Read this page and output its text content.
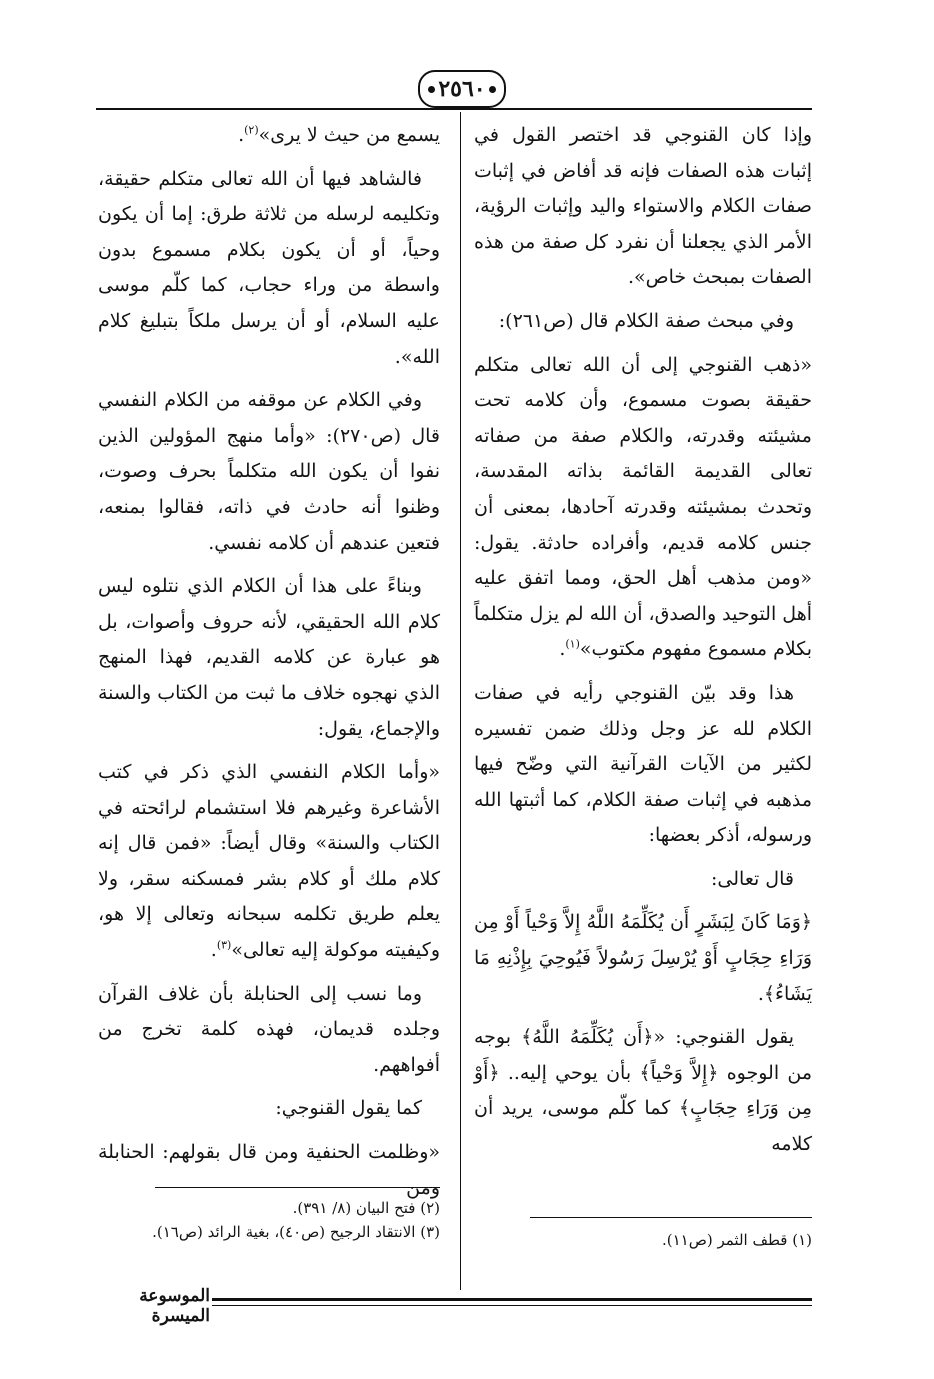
٢٥٦٠

وإذا كان القنوجي قد اختصر القول في إثبات هذه الصفات فإنه قد أفاض في إثبات صفات الكلام والاستواء واليد وإثبات الرؤية، الأمر الذي يجعلنا أن نفرد كل صفة من هذه الصفات بمبحث خاص».

وفي مبحث صفة الكلام قال (ص٢٦١):

«ذهب القنوجي إلى أن الله تعالى متكلم حقيقة بصوت مسموع، وأن كلامه تحت مشيئته وقدرته، والكلام صفة من صفاته تعالى القديمة القائمة بذاته المقدسة، وتحدث بمشيئته وقدرته آحادها، بمعنى أن جنس كلامه قديم، وأفراده حادثة. يقول: «ومن مذهب أهل الحق، ومما اتفق عليه أهل التوحيد والصدق، أن الله لم يزل متكلماً بكلام مسموع مفهوم مكتوب»$^{(١)}$.

هذا وقد بيّن القنوجي رأيه في صفات الكلام لله عز وجل وذلك ضمن تفسيره لكثير من الآيات القرآنية التي وضّح فيها مذهبه في إثبات صفة الكلام، كما أثبتها الله ورسوله، أذكر بعضها:

قال تعالى:

﴿وَمَا كَانَ لِبَشَرٍ أَن يُكَلِّمَهُ اللَّهُ إِلاَّ وَحْياً أَوْ مِن وَرَاءِ حِجَابٍ أَوْ يُرْسِلَ رَسُولاً فَيُوحِيَ بِإِذْنِهِ مَا يَشَاءُ﴾.

يقول القنوجي: «﴿أَن يُكَلِّمَهُ اللَّهُ﴾ بوجه من الوجوه ﴿إِلاَّ وَحْياً﴾ بأن يوحي إليه.. ﴿أَوْ مِن وَرَاءِ حِجَابٍ﴾ كما كلّم موسى، يريد أن كلامه

يسمع من حيث لا يرى»$^{(٢)}$.

فالشاهد فيها أن الله تعالى متكلم حقيقة، وتكليمه لرسله من ثلاثة طرق: إما أن يكون وحياً، أو أن يكون بكلام مسموع بدون واسطة من وراء حجاب، كما كلّم موسى عليه السلام، أو أن يرسل ملكاً بتبليغ كلام الله».

وفي الكلام عن موقفه من الكلام النفسي قال (ص٢٧٠): «وأما منهج المؤولين الذين نفوا أن يكون الله متكلماً بحرف وصوت، وظنوا أنه حادث في ذاته، فقالوا بمنعه، فتعين عندهم أن كلامه نفسي.

وبناءً على هذا أن الكلام الذي نتلوه ليس كلام الله الحقيقي، لأنه حروف وأصوات، بل هو عبارة عن كلامه القديم، فهذا المنهج الذي نهجوه خلاف ما ثبت من الكتاب والسنة والإجماع، يقول:

«وأما الكلام النفسي الذي ذكر في كتب الأشاعرة وغيرهم فلا استشمام لرائحته في الكتاب والسنة» وقال أيضاً: «فمن قال إنه كلام ملك أو كلام بشر فمسكنه سقر، ولا يعلم طريق تكلمه سبحانه وتعالى إلا هو، وكيفيته موكولة إليه تعالى»$^{(٣)}$.

وما نسب إلى الحنابلة بأن غلاف القرآن وجلده قديمان، فهذه كلمة تخرج من أفواههم.

كما يقول القنوجي:

«وظلمت الحنفية ومن قال بقولهم: الحنابلة ومن

(١) قطف الثمر (ص١١).
(٢) فتح البيان (٨/ ٣٩١).
(٣) الانتقاد الرجيح (ص٤٠)، بغية الرائد (ص١٦).
الموسوعة الميسرة
